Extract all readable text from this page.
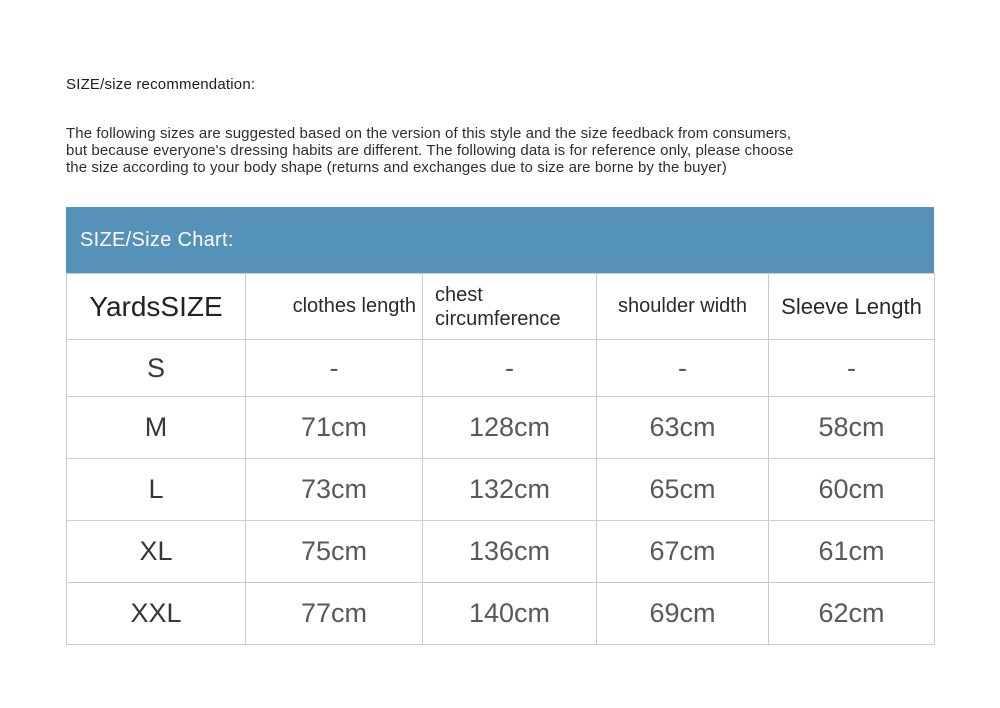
SIZE/size recommendation:
The following sizes are suggested based on the version of this style and the size feedback from consumers,
but because everyone's dressing habits are different. The following data is for reference only, please choose
the size according to your body shape (returns and exchanges due to size are borne by the buyer)
SIZE/Size Chart:
YardsSIZE	clothes length	chest circumference	shoulder width	Sleeve Length
S	-	-	-	-
M	71cm	128cm	63cm	58cm
L	73cm	132cm	65cm	60cm
XL	75cm	136cm	67cm	61cm
XXL	77cm	140cm	69cm	62cm
